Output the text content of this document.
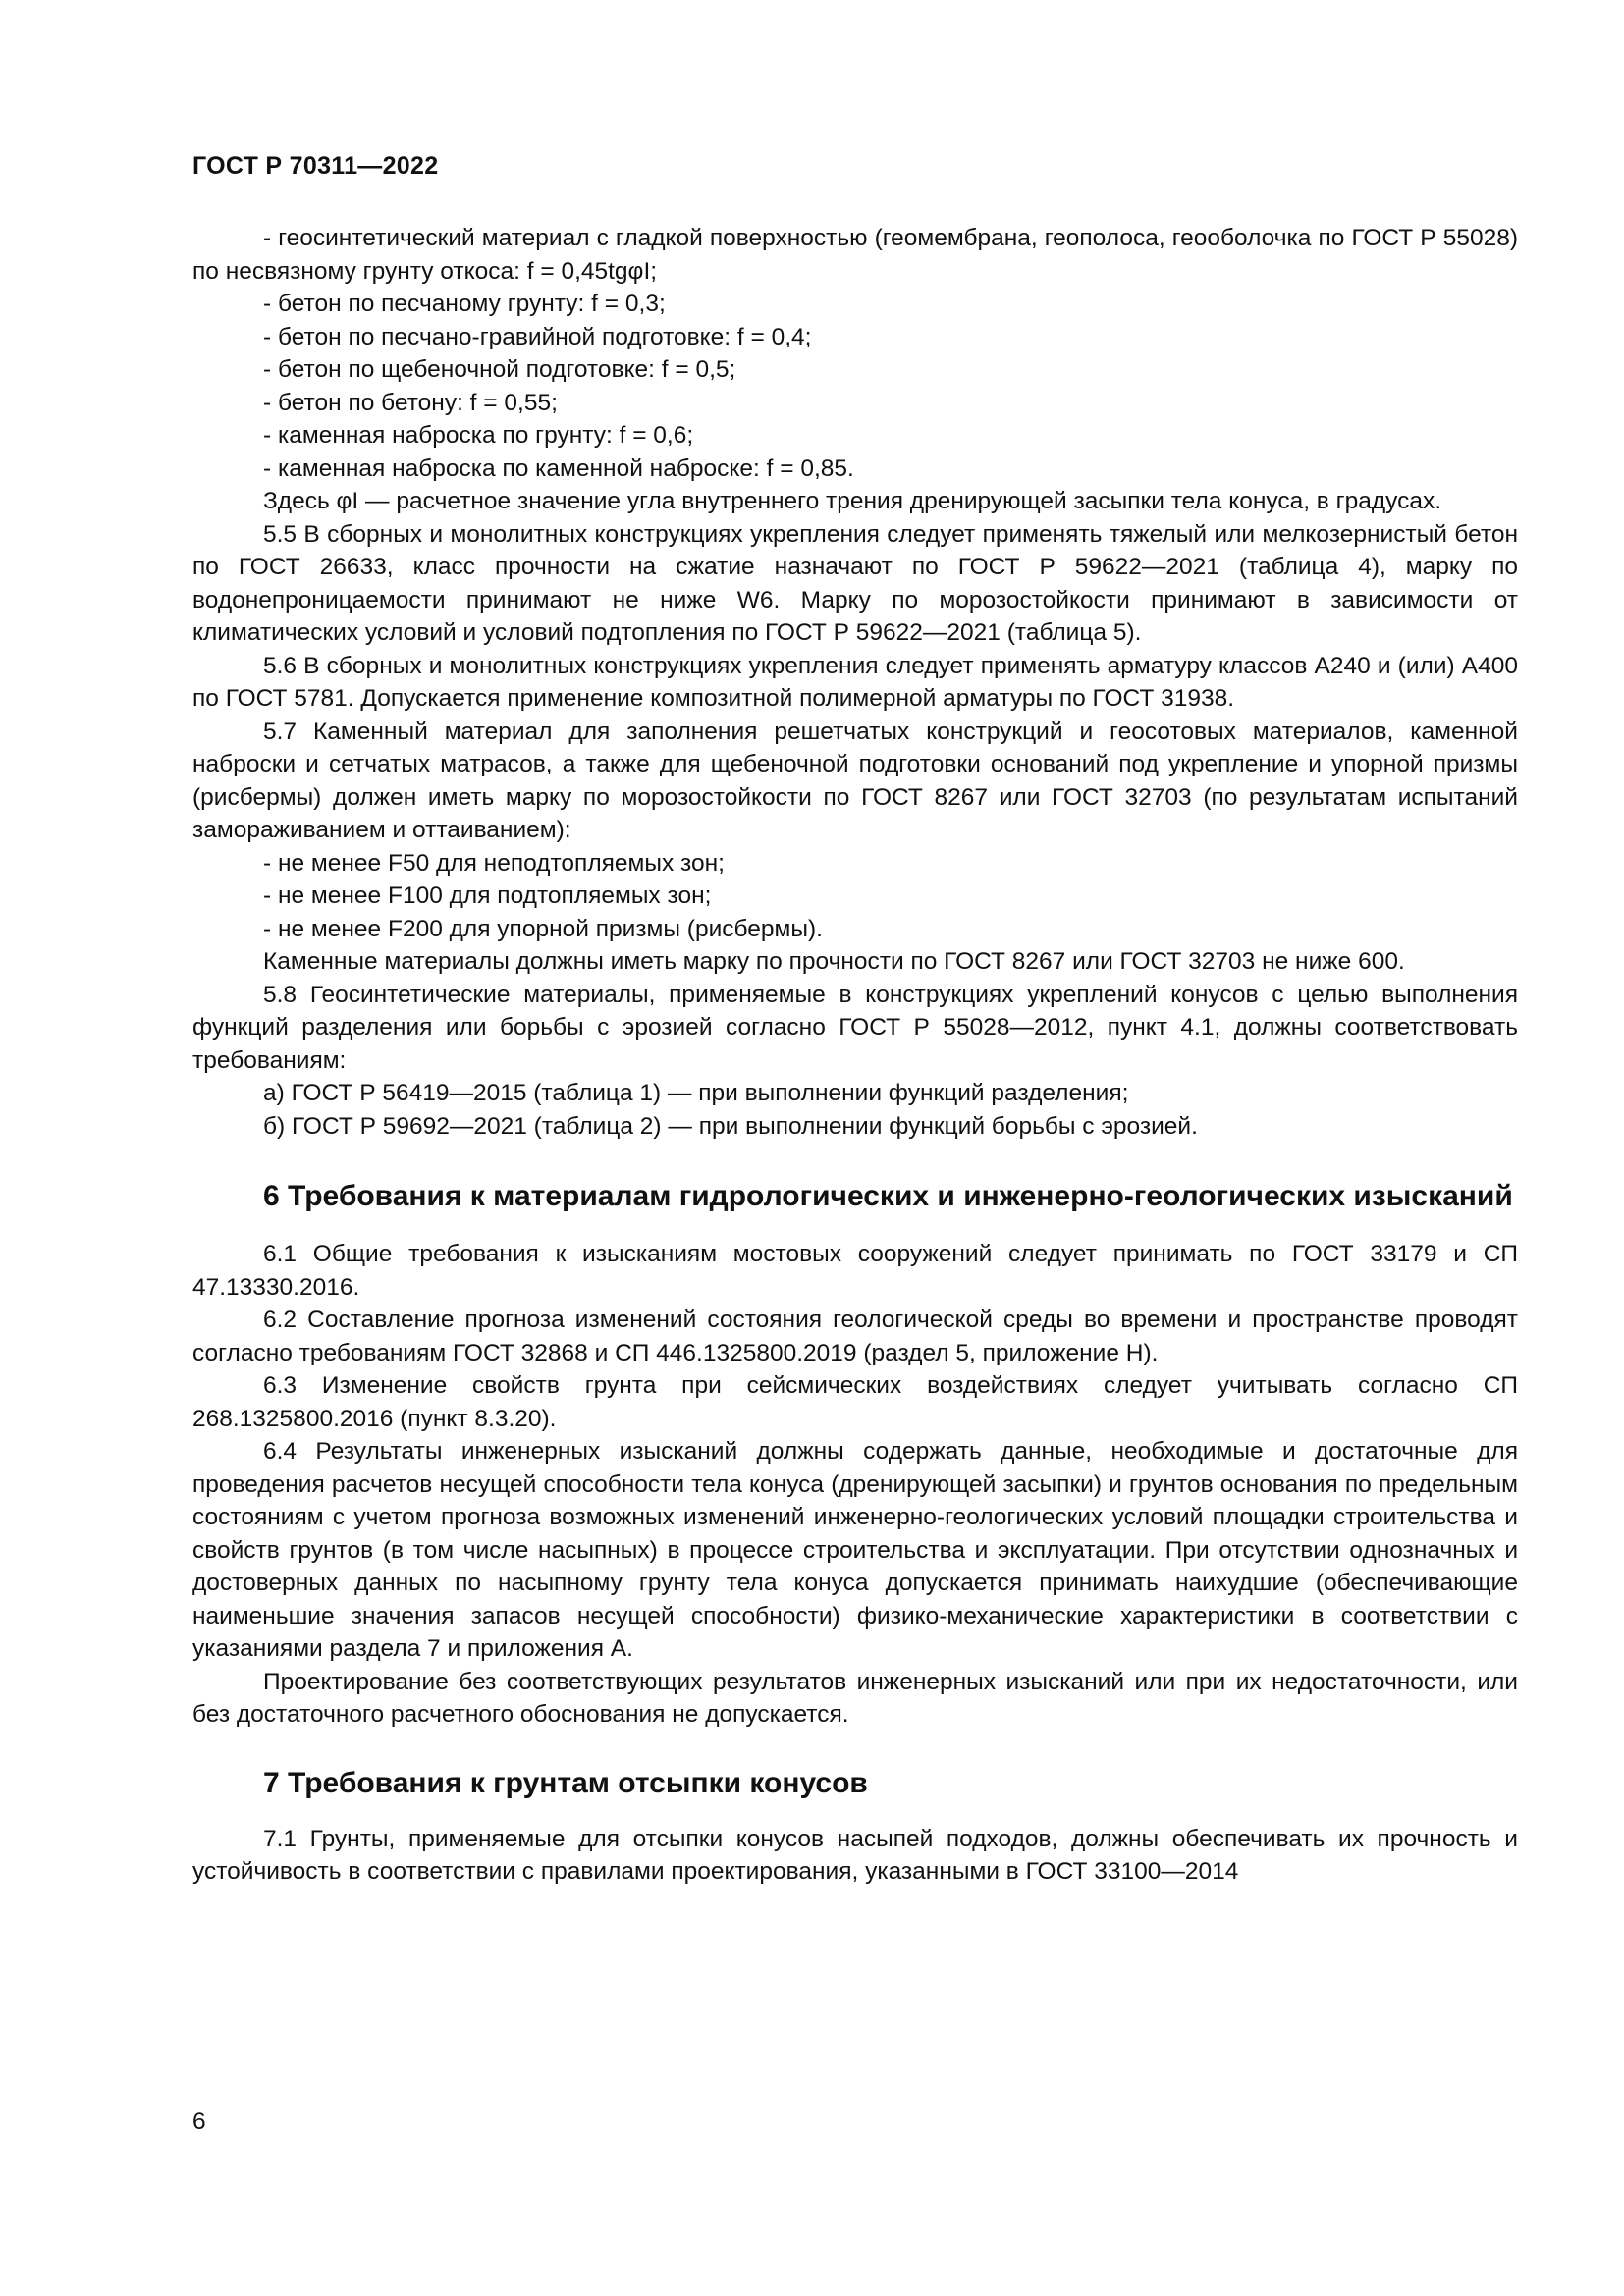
ГОСТ Р 70311—2022

- геосинтетический материал с гладкой поверхностью (геомембрана, геополоса, геооболочка по ГОСТ Р 55028) по несвязному грунту откоса: f = 0,45tgφI;

- бетон по песчаному грунту: f = 0,3;

- бетон по песчано-гравийной подготовке: f = 0,4;

- бетон по щебеночной подготовке: f = 0,5;

- бетон по бетону: f = 0,55;

- каменная наброска по грунту: f = 0,6;

- каменная наброска по каменной наброске: f = 0,85.

Здесь φI — расчетное значение угла внутреннего трения дренирующей засыпки тела конуса, в градусах.

5.5 В сборных и монолитных конструкциях укрепления следует применять тяжелый или мелкозернистый бетон по ГОСТ 26633, класс прочности на сжатие назначают по ГОСТ Р 59622—2021 (таблица 4), марку по водонепроницаемости принимают не ниже W6. Марку по морозостойкости принимают в зависимости от климатических условий и условий подтопления по ГОСТ Р 59622—2021 (таблица 5).

5.6 В сборных и монолитных конструкциях укрепления следует применять арматуру классов А240 и (или) А400 по ГОСТ 5781. Допускается применение композитной полимерной арматуры по ГОСТ 31938.

5.7 Каменный материал для заполнения решетчатых конструкций и геосотовых материалов, каменной наброски и сетчатых матрасов, а также для щебеночной подготовки оснований под укрепление и упорной призмы (рисбермы) должен иметь марку по морозостойкости по ГОСТ 8267 или ГОСТ 32703 (по результатам испытаний замораживанием и оттаиванием):

- не менее F50 для неподтопляемых зон;

- не менее F100 для подтопляемых зон;

- не менее F200 для упорной призмы (рисбермы).

Каменные материалы должны иметь марку по прочности по ГОСТ 8267 или ГОСТ 32703 не ниже 600.

5.8 Геосинтетические материалы, применяемые в конструкциях укреплений конусов с целью выполнения функций разделения или борьбы с эрозией согласно ГОСТ Р 55028—2012, пункт 4.1, должны соответствовать требованиям:

а) ГОСТ Р 56419—2015 (таблица 1) — при выполнении функций разделения;

б) ГОСТ Р 59692—2021 (таблица 2) — при выполнении функций борьбы с эрозией.

6 Требования к материалам гидрологических и инженерно-геологических изысканий

6.1 Общие требования к изысканиям мостовых сооружений следует принимать по ГОСТ 33179 и СП 47.13330.2016.

6.2 Составление прогноза изменений состояния геологической среды во времени и пространстве проводят согласно требованиям ГОСТ 32868 и СП 446.1325800.2019 (раздел 5, приложение Н).

6.3 Изменение свойств грунта при сейсмических воздействиях следует учитывать согласно СП 268.1325800.2016 (пункт 8.3.20).

6.4 Результаты инженерных изысканий должны содержать данные, необходимые и достаточные для проведения расчетов несущей способности тела конуса (дренирующей засыпки) и грунтов основания по предельным состояниям с учетом прогноза возможных изменений инженерно-геологических условий площадки строительства и свойств грунтов (в том числе насыпных) в процессе строительства и эксплуатации. При отсутствии однозначных и достоверных данных по насыпному грунту тела конуса допускается принимать наихудшие (обеспечивающие наименьшие значения запасов несущей способности) физико-механические характеристики в соответствии с указаниями раздела 7 и приложения А.

Проектирование без соответствующих результатов инженерных изысканий или при их недостаточности, или без достаточного расчетного обоснования не допускается.

7 Требования к грунтам отсыпки конусов

7.1 Грунты, применяемые для отсыпки конусов насыпей подходов, должны обеспечивать их прочность и устойчивость в соответствии с правилами проектирования, указанными в ГОСТ 33100—2014

6
